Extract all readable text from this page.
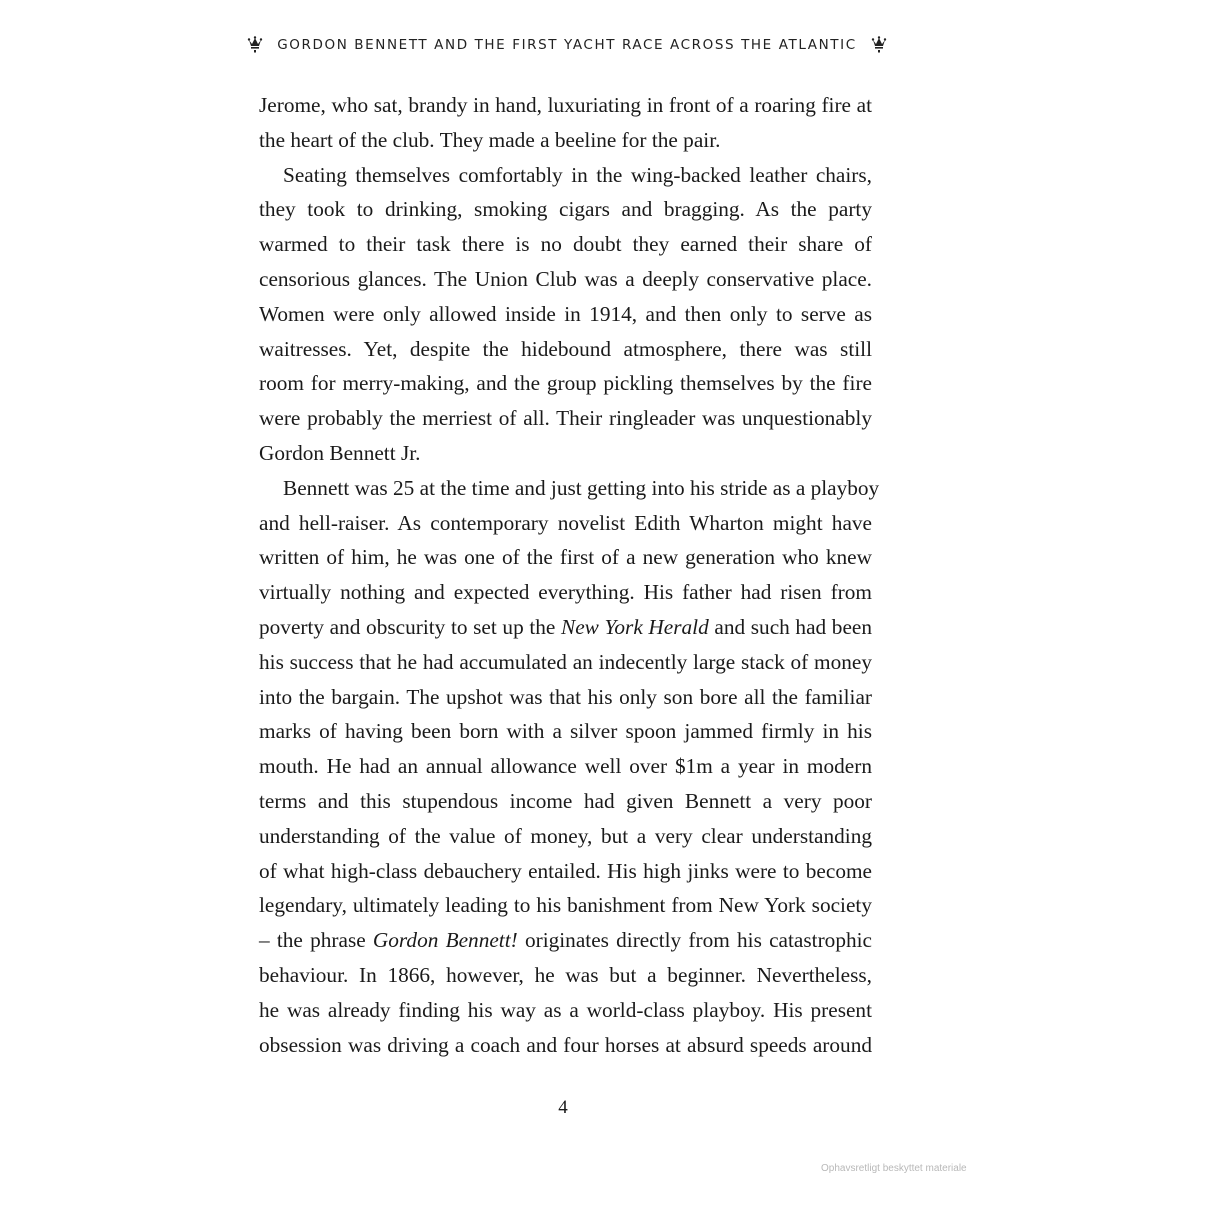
GORDON BENNETT AND THE FIRST YACHT RACE ACROSS THE ATLANTIC

Jerome, who sat, brandy in hand, luxuriating in front of a roaring fire at
the heart of the club. They made a beeline for the pair.

Seating themselves comfortably in the wing-backed leather chairs,
they took to drinking, smoking cigars and bragging. As the party
warmed to their task there is no doubt they earned their share of
censorious glances. The Union Club was a deeply conservative place.
Women were only allowed inside in 1914, and then only to serve as
waitresses. Yet, despite the hidebound atmosphere, there was still
room for merry-making, and the group pickling themselves by the fire
were probably the merriest of all. Their ringleader was unquestionably
Gordon Bennett Jr.

Bennett was 25 at the time and just getting into his stride as a playboy
and hell-raiser. As contemporary novelist Edith Wharton might have
written of him, he was one of the first of a new generation who knew
virtually nothing and expected everything. His father had risen from
poverty and obscurity to set up the New York Herald and such had been
his success that he had accumulated an indecently large stack of money
into the bargain. The upshot was that his only son bore all the familiar
marks of having been born with a silver spoon jammed firmly in his
mouth. He had an annual allowance well over $1m a year in modern
terms and this stupendous income had given Bennett a very poor
understanding of the value of money, but a very clear understanding
of what high-class debauchery entailed. His high jinks were to become
legendary, ultimately leading to his banishment from New York society
– the phrase Gordon Bennett! originates directly from his catastrophic
behaviour. In 1866, however, he was but a beginner. Nevertheless,
he was already finding his way as a world-class playboy. His present
obsession was driving a coach and four horses at absurd speeds around

4
Ophavsretligt beskyttet materiale
